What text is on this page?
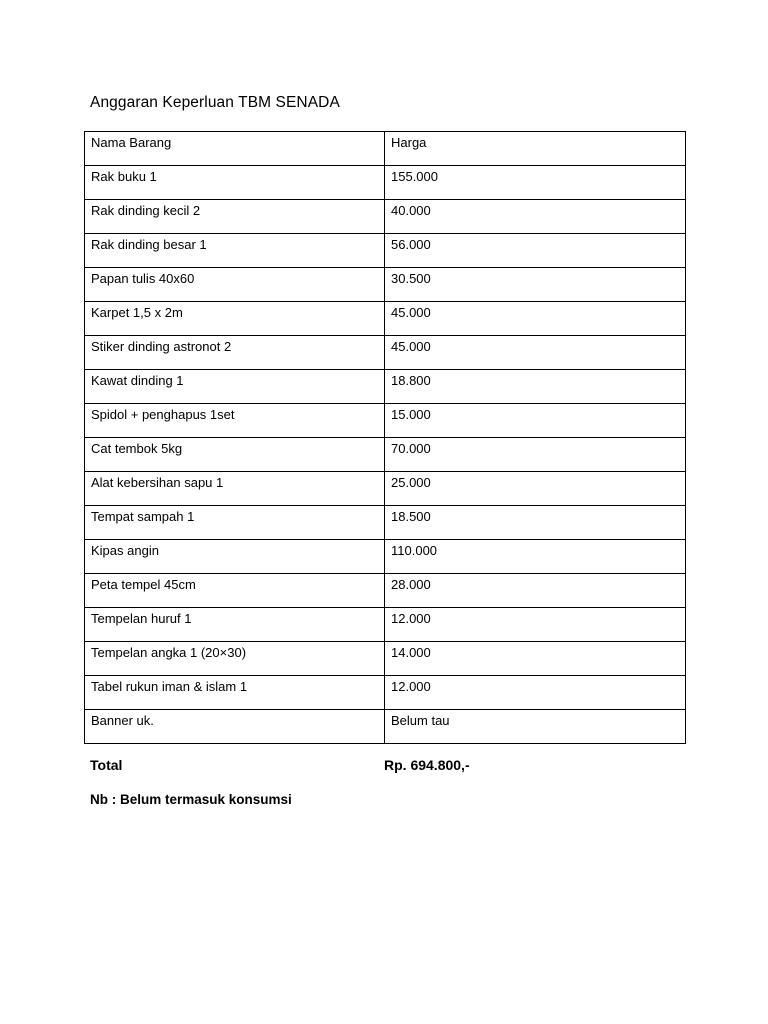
Anggaran Keperluan TBM SENADA
Nama Barang	Harga
Rak buku 1	155.000
Rak dinding kecil 2	40.000
Rak dinding besar 1	56.000
Papan tulis 40x60	30.500
Karpet 1,5 x 2m	45.000
Stiker dinding astronot 2	45.000
Kawat dinding 1	18.800
Spidol + penghapus 1set	15.000
Cat tembok 5kg	70.000
Alat kebersihan sapu 1	25.000
Tempat sampah 1	18.500
Kipas angin	110.000
Peta tempel 45cm	28.000
Tempelan huruf 1	12.000
Tempelan angka 1 (20×30)	14.000
Tabel rukun iman & islam 1	12.000
Banner uk.	Belum tau
Total	Rp. 694.800,-
Nb : Belum termasuk konsumsi
